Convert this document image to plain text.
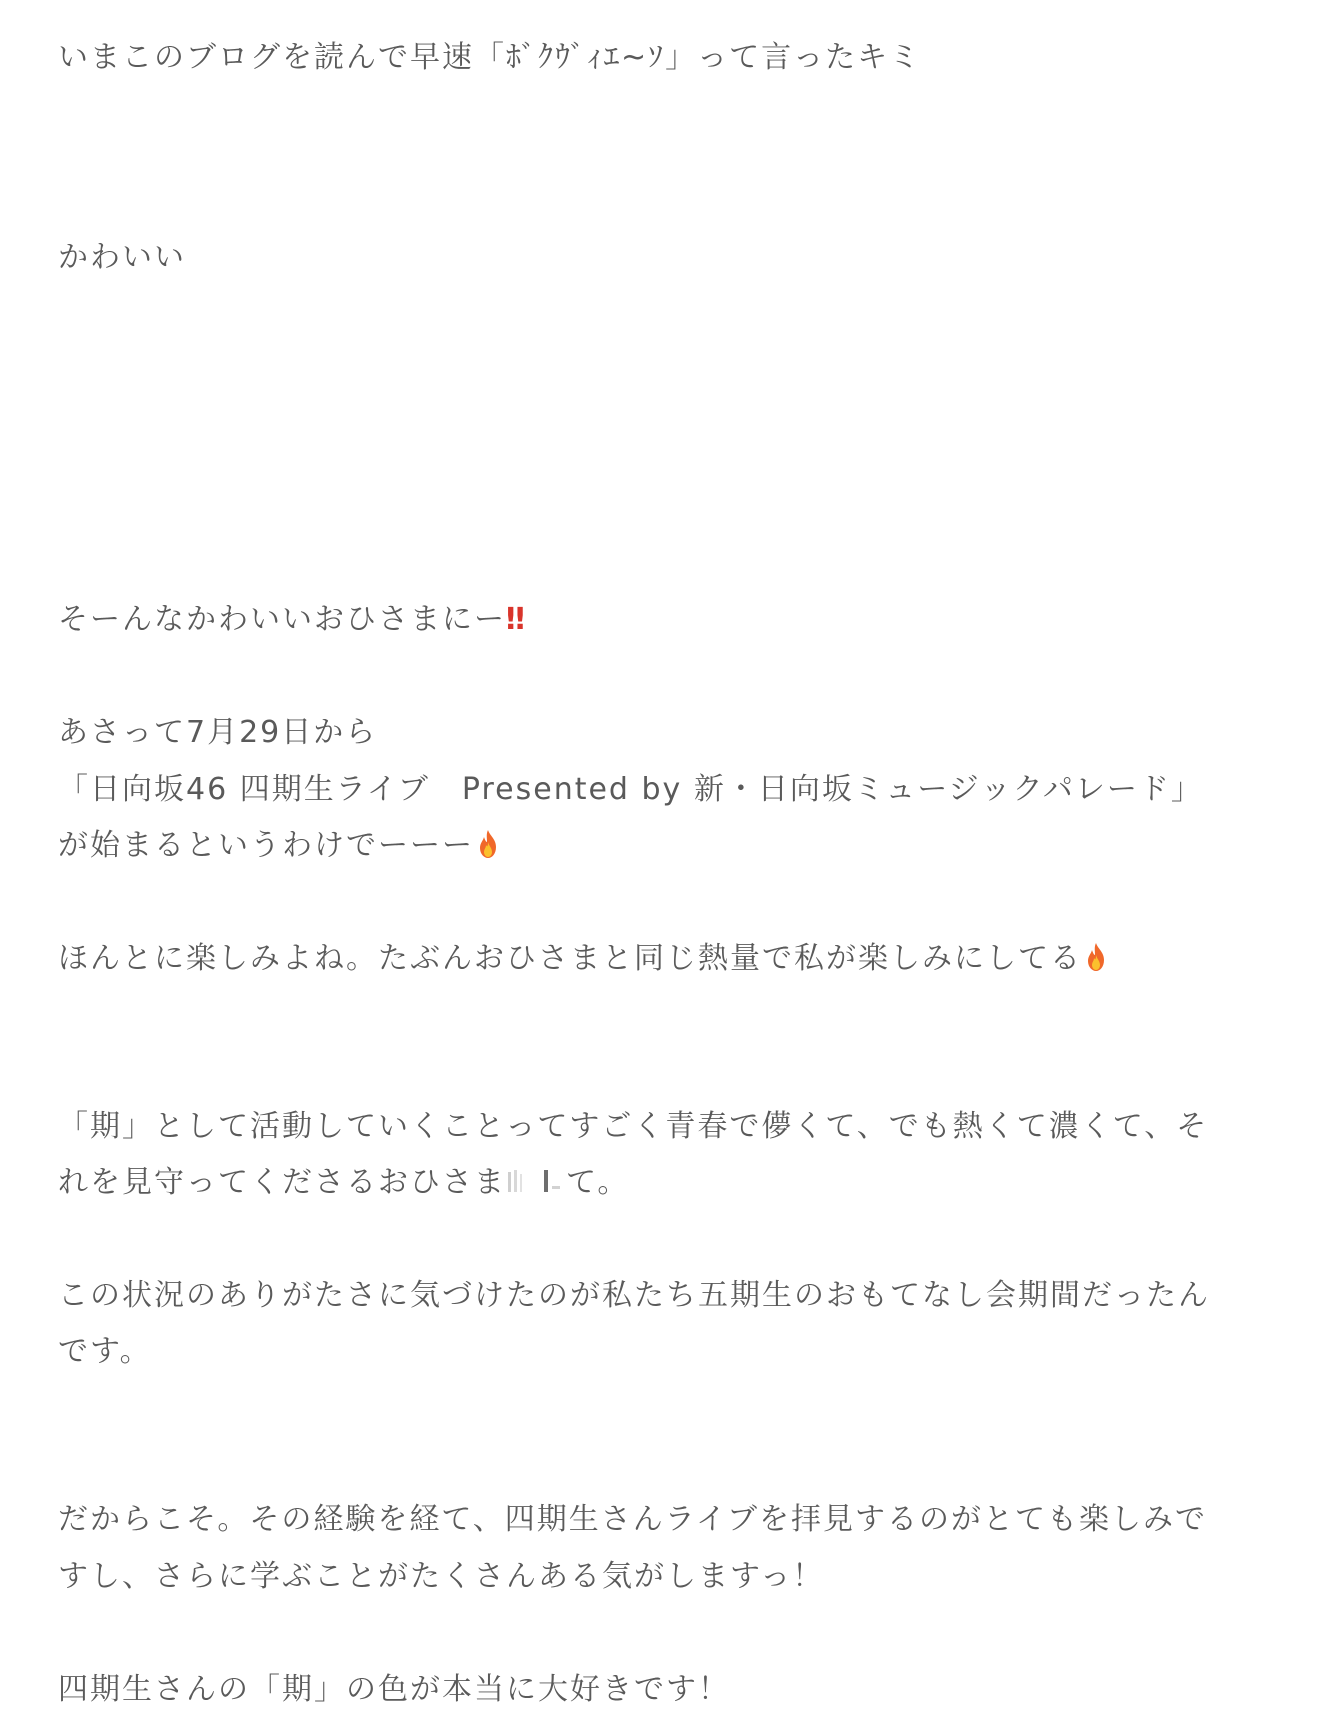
いまこのブログを読んで早速「ﾎﾞｸｳﾞｨｴ~ｿ」って言ったキミ
かわいい
そーんなかわいいおひさまにー‼
あさって7月29日から
「日向坂46 四期生ライブ　Presented by 新・日向坂ミュージックパレード」
が始まるというわけでーーー
ほんとに楽しみよね。たぶんおひさまと同じ熱量で私が楽しみにしてる
「期」として活動していくことってすごく青春で儚くて、でも熱くて濃くて、そ
れを見守ってくださるおひさま て。
この状況のありがたさに気づけたのが私たち五期生のおもてなし会期間だったん
です。
だからこそ。その経験を経て、四期生さんライブを拝見するのがとても楽しみで
すし、さらに学ぶことがたくさんある気がしますっ！
四期生さんの「期」の色が本当に大好きです！
